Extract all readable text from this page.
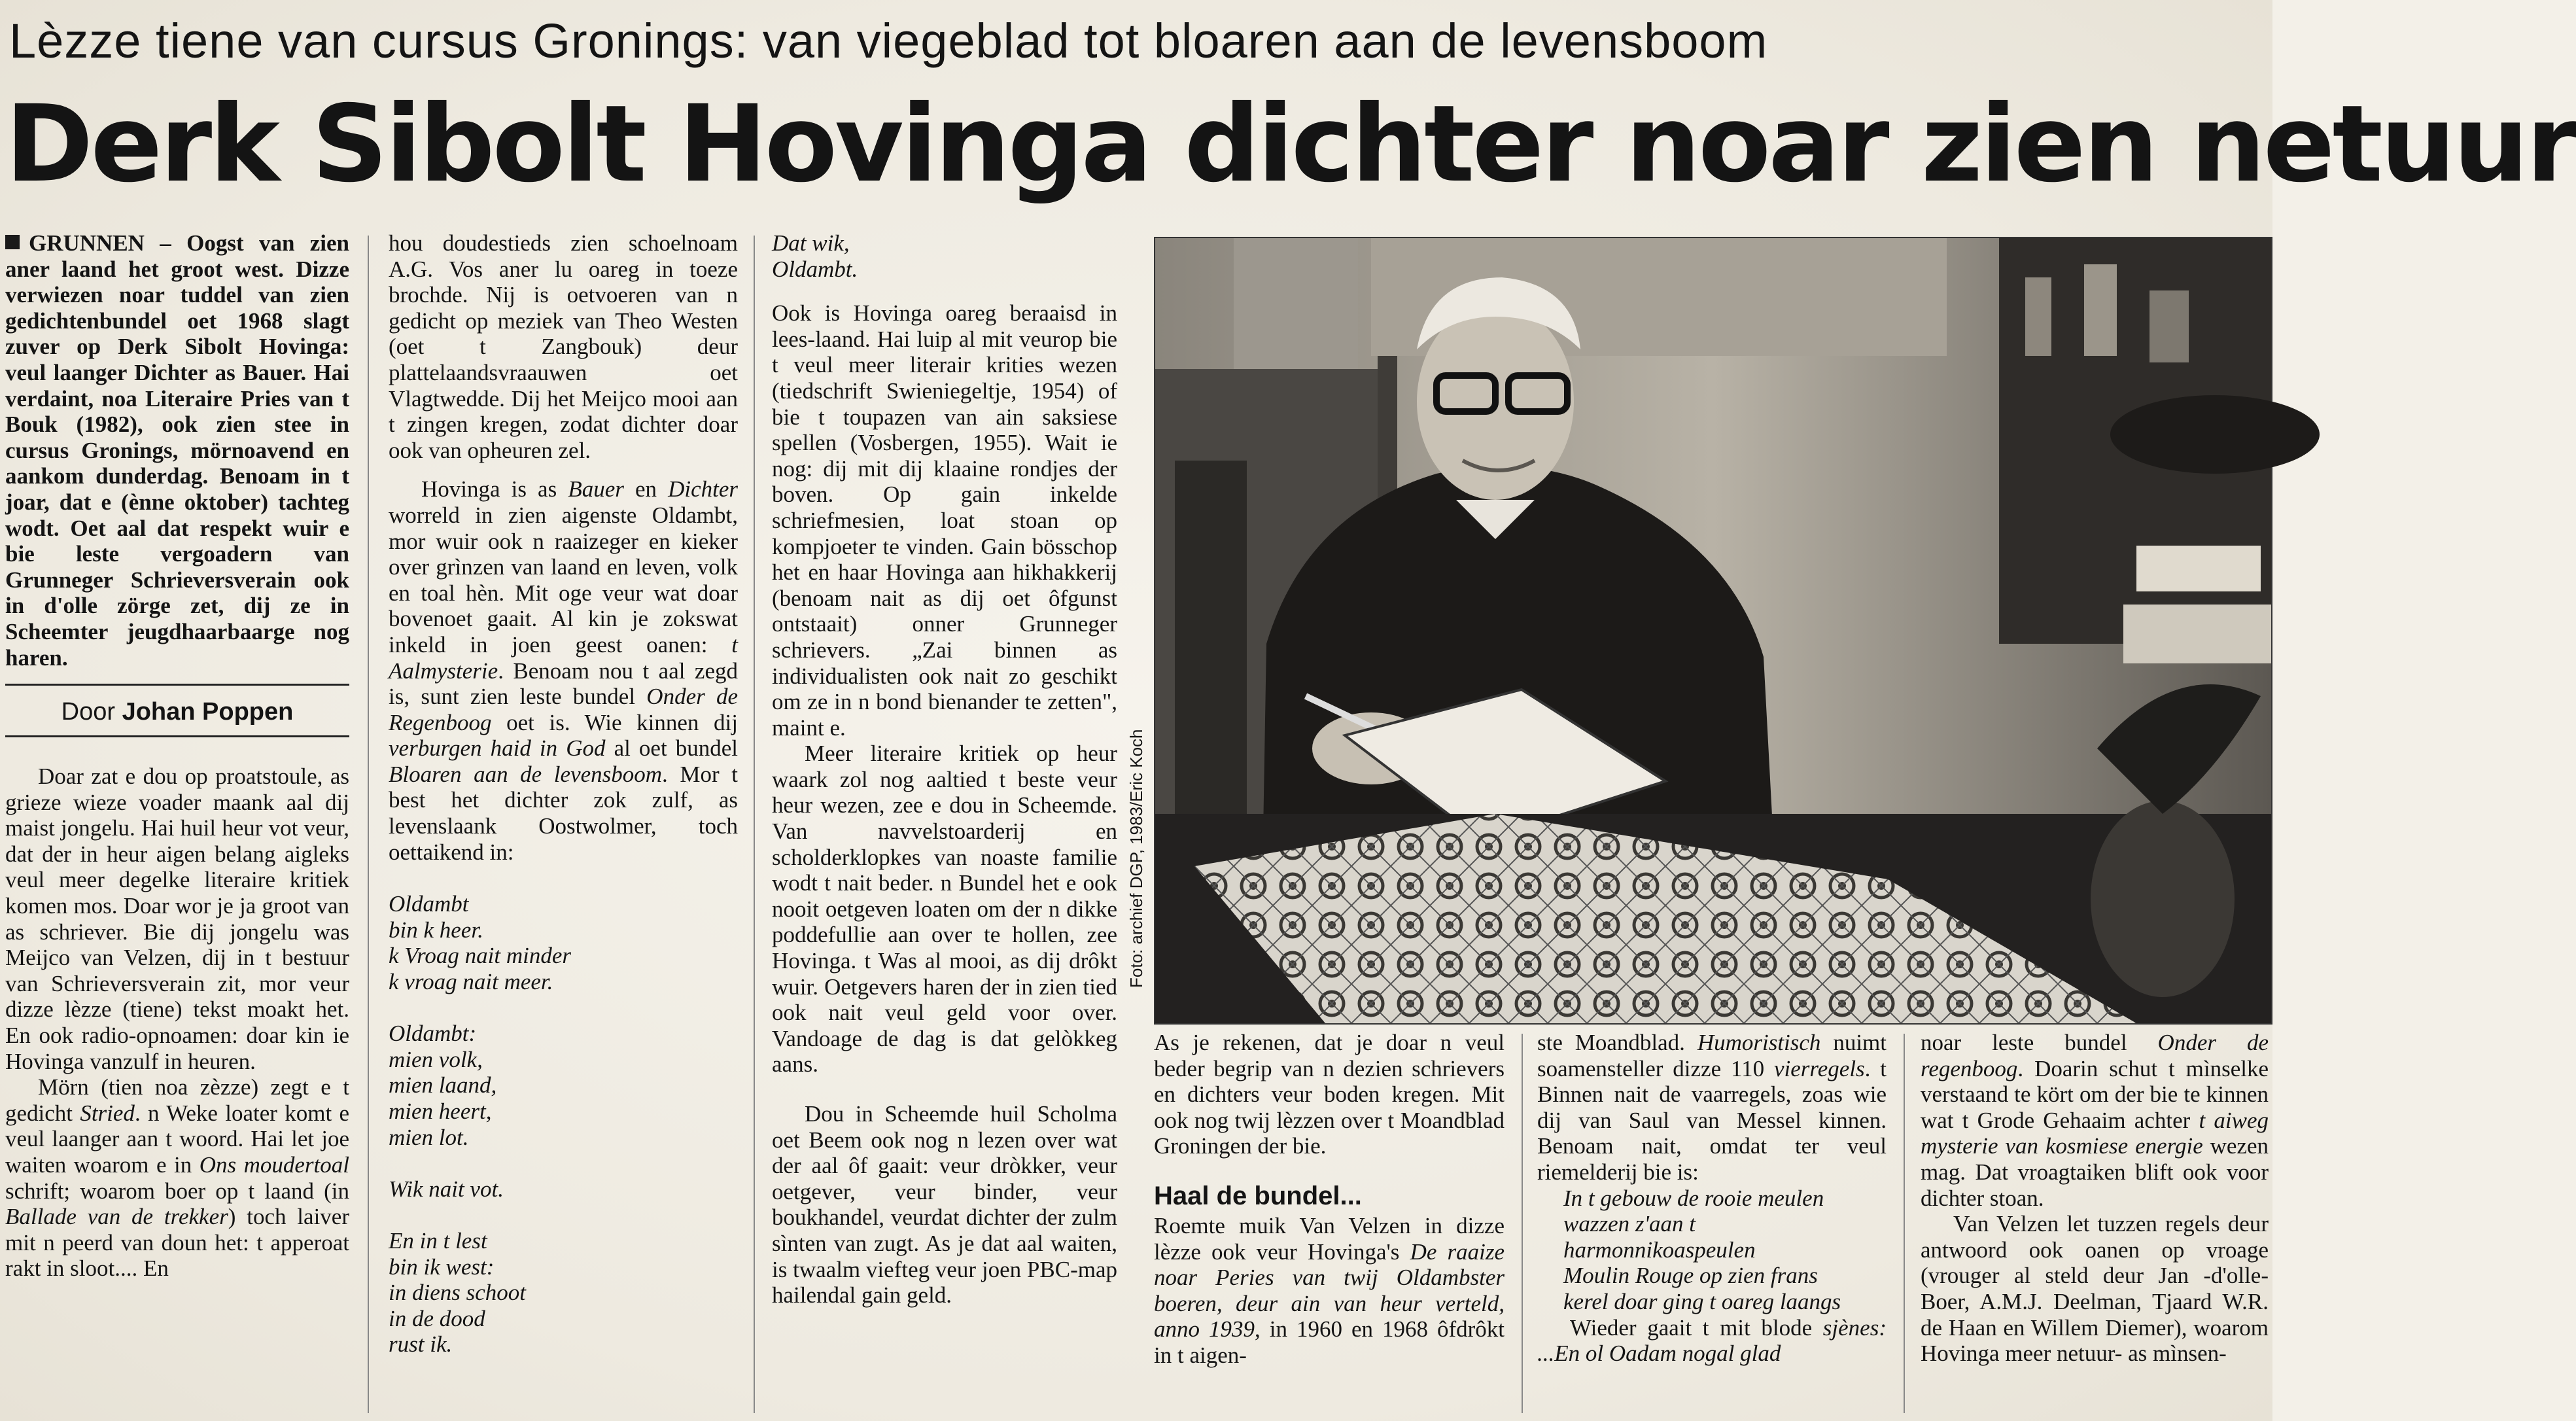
Lèzze tiene van cursus Gronings: van viegeblad tot bloaren aan de levensboom
Derk Sibolt Hovinga dichter noar zien netuur

GRUNNEN – Oogst van zien aner laand het groot west. Dizze verwiezen noar tuddel van zien gedichtenbundel oet 1968 slagt zuver op Derk Sibolt Hovinga: veul laanger Dichter as Bauer. Hai verdaint, noa Literaire Pries van t Bouk (1982), ook zien stee in cursus Gronings, mörnoavend en aankom dunderdag. Benoam in t joar, dat e (ènne oktober) tachteg wodt. Oet aal dat respekt wuir e bie leste vergoadern van Grunneger Schrieversverain ook in d'olle zörge zet, dij ze in Scheemter jeugdhaarbaarge nog haren.

Door Johan Poppen

Doar zat e dou op proatstoule, as grieze wieze voader maank aal dij maist jongelu. Hai huil heur vot veur, dat der in heur aigen belang aigleks veul meer degelke literaire kritiek komen mos. Doar wor je ja groot van as schriever. Bie dij jongelu was Meijco van Velzen, dij in t bestuur van Schrieversverain zit, mor veur dizze lèzze (tiene) tekst moakt het. En ook radio-opnoamen: doar kin ie Hovinga vanzulf in heuren.

Mörn (tien noa zèzze) zegt e t gedicht Stried. n Weke loater komt e veul laanger aan t woord. Hai let joe waiten woarom e in Ons moudertoal schrift; woarom boer op t laand (in Ballade van de trekker) toch laiver mit n peerd van doun het: t apperoat rakt in sloot.... En

hou doudestieds zien schoelnoam A.G. Vos aner lu oareg in toeze brochde. Nij is oetvoeren van n gedicht op meziek van Theo Westen (oet t Zangbouk) deur plattelaandsvraauwen oet Vlagtwedde. Dij het Meijco mooi aan t zingen kregen, zodat dichter doar ook van opheuren zel.

Hovinga is as Bauer en Dichter worreld in zien aigenste Oldambt, mor wuir ook n raaizeger en kieker over grìnzen van laand en leven, volk en toal hèn. Mit oge veur wat doar bovenoet gaait. Al kin je zokswat inkeld in joen geest oanen: t Aalmysterie. Benoam nou t aal zegd is, sunt zien leste bundel Onder de Regenboog oet is. Wie kinnen dij verburgen haid in God al oet bundel Bloaren aan de levensboom. Mor t best het dichter zok zulf, as levenslaank Oostwolmer, toch oettaikend in:

Oldambt
bin k heer.
k Vroag nait minder
k vroag nait meer.
Oldambt:
mien volk,
mien laand,
mien heert,
mien lot.
Wik nait vot.
En in t lest
bin ik west:
in diens schoot
in de dood
rust ik.
Dat wik,
Oldambt.

Ook is Hovinga oareg beraaisd in lees-laand. Hai luip al mit veurop bie t veul meer literair krities wezen (tiedschrift Swieniegeltje, 1954) of bie t toupazen van ain saksiese spellen (Vosbergen, 1955). Wait ie nog: dij mit dij klaaine rondjes der boven. Op gain inkelde schriefmesien, loat stoan op kompjoeter te vinden. Gain bösschop het en haar Hovinga aan hikhakkerij (benoam nait as dij oet ôfgunst ontstaait) onner Grunneger schrievers. „Zai binnen as individualisten ook nait zo geschikt om ze in n bond bienander te zetten", maint e.

Meer literaire kritiek op heur waark zol nog aaltied t beste veur heur wezen, zee e dou in Scheemde. Van navvelstoarderij en scholderklopkes van noaste familie wodt t nait beder. n Bundel het e ook nooit oetgeven loaten om der n dikke poddefullie aan over te hollen, zee Hovinga. t Was al mooi, as dij drôkt wuir. Oetgevers haren der in zien tied ook nait veul geld voor over. Vandoage de dag is dat gelòkkeg aans.

Dou in Scheemde huil Scholma oet Beem ook nog n lezen over wat der aal ôf gaait: veur dròkker, veur oetgever, veur binder, veur boukhandel, veurdat dichter der zulm sìnten van zugt. As je dat aal waiten, is twaalm viefteg veur joen PBC-map hailendal gain geld.

As je rekenen, dat je doar n veul beder begrip van n dezien schrievers en dichters veur boden kregen. Mit ook nog twij lèzzen over t Moandblad Groningen der bie.

Haal de bundel...

Roemte muik Van Velzen in dizze lèzze ook veur Hovinga's De raaize noar Peries van twij Oldambster boeren, deur ain van heur verteld, anno 1939, in 1960 en 1968 ôfdrôkt in t aigen-

ste Moandblad. Humoristisch nuimt soamensteller dizze 110 vierregels. t Binnen nait de vaarregels, zoas wie dij van Saul van Messel kinnen. Benoam nait, omdat ter veul riemelderij bie is:

In t gebouw de rooie meulen
wazzen z'aan t harmonnikoaspeulen
Moulin Rouge op zien frans
kerel doar ging t oareg laangs

Wieder gaait t mit blode sjènes: ...En ol Oadam nogal glad

noar leste bundel Onder de regenboog. Doarin schut t mìnselke verstaand te kört om der bie te kinnen wat t Grode Gehaaim achter t aiweg mysterie van kosmiese energie wezen mag. Dat vroagtaiken blift ook voor dichter stoan.

Van Velzen let tuzzen regels deur antwoord ook oanen op vroage (vrouger al steld deur Jan -d'olle- Boer, A.M.J. Deelman, Tjaard W.R. de Haan en Willem Diemer), woarom Hovinga meer netuur- as mìnsen-
